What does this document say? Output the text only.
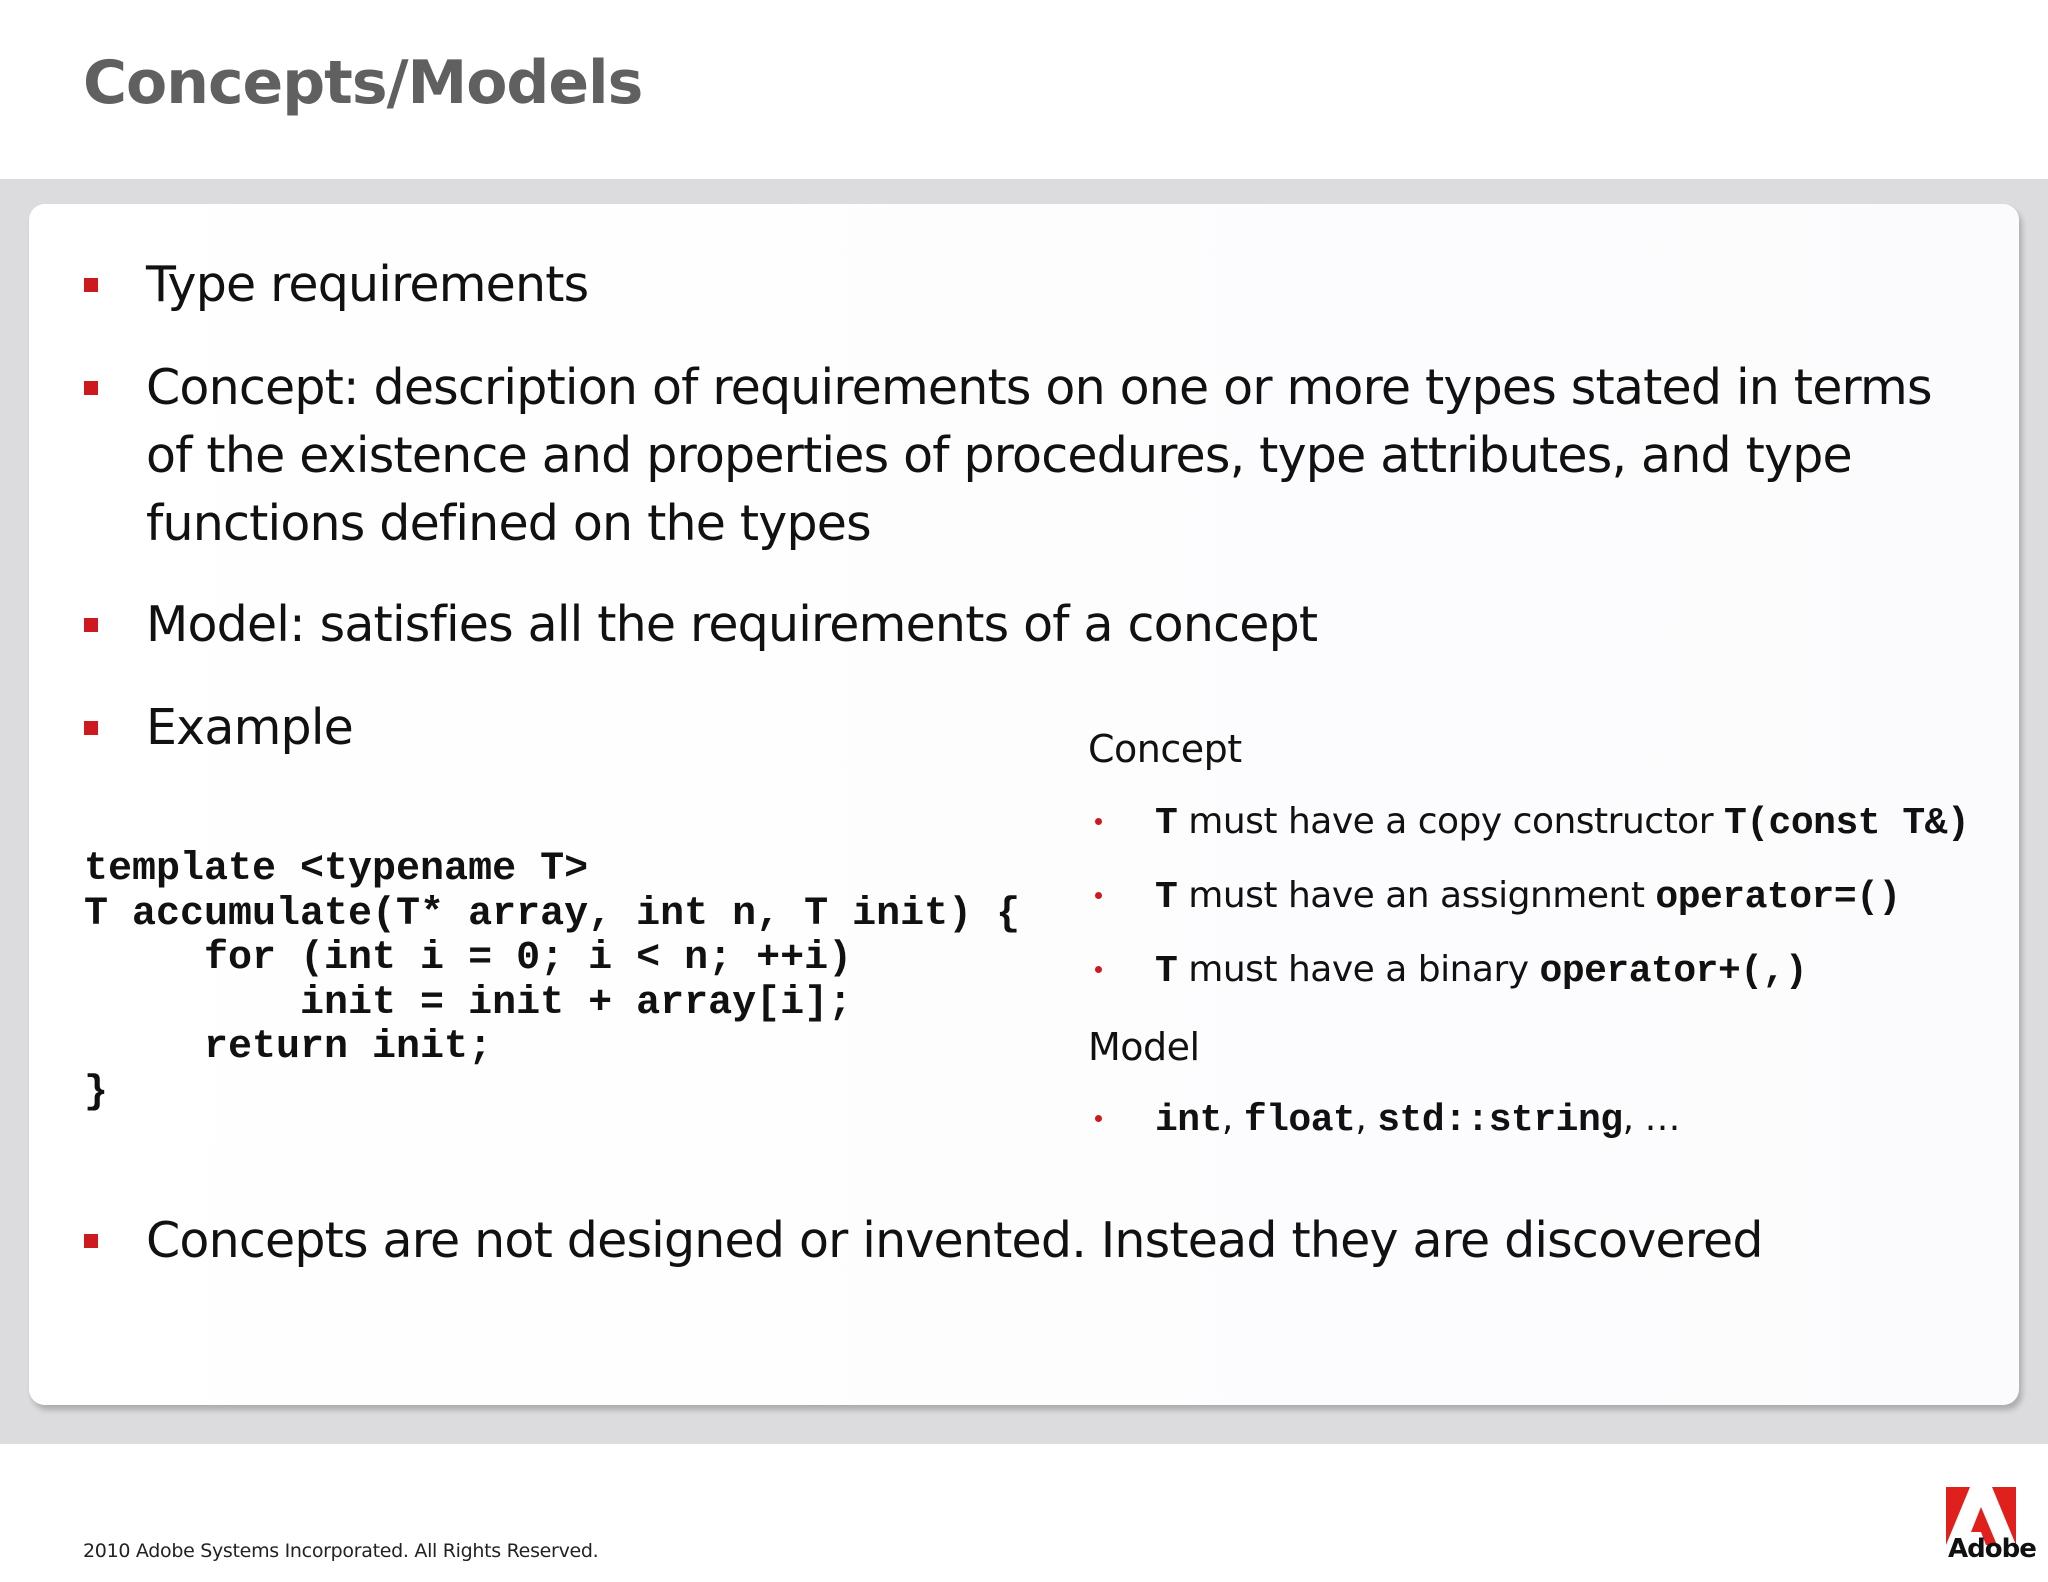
Concepts/Models

Type requirements

Concept: description of requirements on one or more types stated in terms
of the existence and properties of procedures, type attributes, and type
functions defined on the types

Model: satisfies all the requirements of a concept

Example

template <typename T>
T accumulate(T* array, int n, T init) {
for (int i = 0; i < n; ++i)
init = init + array[i];
return init;
}

Concept

T must have a copy constructor T(const T&)

T must have an assignment operator=()

T must have a binary operator+(,)

Model

int, float, std::string, …

Concepts are not designed or invented. Instead they are discovered

2010 Adobe Systems Incorporated. All Rights Reserved.	Adobe
